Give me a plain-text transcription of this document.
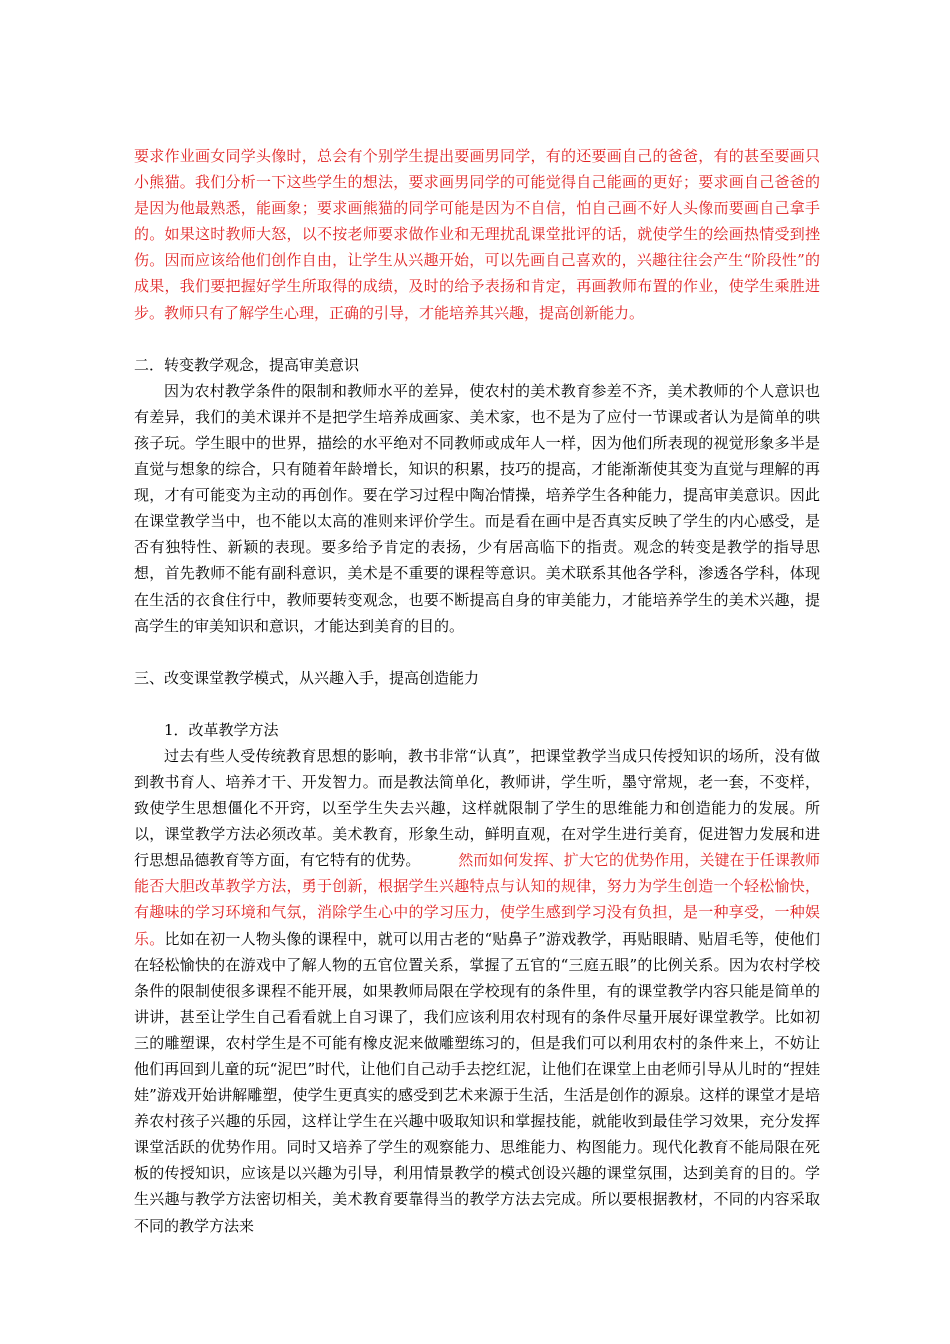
要求作业画女同学头像时，总会有个别学生提出要画男同学，有的还要画自己的爸爸，有的甚至要画只小熊猫。我们分析一下这些学生的想法，要求画男同学的可能觉得自己能画的更好；要求画自己爸爸的是因为他最熟悉，能画象；要求画熊猫的同学可能是因为不自信，怕自己画不好人头像而要画自己拿手的。如果这时教师大怒，以不按老师要求做作业和无理扰乱课堂批评的话，就使学生的绘画热情受到挫伤。因而应该给他们创作自由，让学生从兴趣开始，可以先画自己喜欢的，兴趣往往会产生“阶段性”的成果，我们要把握好学生所取得的成绩，及时的给予表扬和肯定，再画教师布置的作业，使学生乘胜进步。教师只有了解学生心理，正确的引导，才能培养其兴趣，提高创新能力。

二．转变教学观念，提高审美意识

因为农村教学条件的限制和教师水平的差异，使农村的美术教育参差不齐，美术教师的个人意识也有差异，我们的美术课并不是把学生培养成画家、美术家，也不是为了应付一节课或者认为是简单的哄孩子玩。学生眼中的世界，描绘的水平绝对不同教师或成年人一样，因为他们所表现的视觉形象多半是直觉与想象的综合，只有随着年龄增长，知识的积累，技巧的提高，才能渐渐使其变为直觉与理解的再现，才有可能变为主动的再创作。要在学习过程中陶冶情操，培养学生各种能力，提高审美意识。因此在课堂教学当中，也不能以太高的准则来评价学生。而是看在画中是否真实反映了学生的内心感受，是否有独特性、新颖的表现。要多给予肯定的表扬，少有居高临下的指责。观念的转变是教学的指导思想，首先教师不能有副科意识，美术是不重要的课程等意识。美术联系其他各学科，渗透各学科，体现在生活的衣食住行中，教师要转变观念，也要不断提高自身的审美能力，才能培养学生的美术兴趣，提高学生的审美知识和意识，才能达到美育的目的。

三、改变课堂教学模式，从兴趣入手，提高创造能力

1．改革教学方法

过去有些人受传统教育思想的影响，教书非常“认真”，把课堂教学当成只传授知识的场所，没有做到教书育人、培养才干、开发智力。而是教法简单化，教师讲，学生听，墨守常规，老一套，不变样，致使学生思想僵化不开窍，以至学生失去兴趣，这样就限制了学生的思维能力和创造能力的发展。所以，课堂教学方法必须改革。美术教育，形象生动，鲜明直观，在对学生进行美育，促进智力发展和进行思想品德教育等方面，有它特有的优势。　　　然而如何发挥、扩大它的优势作用，关键在于任课教师能否大胆改革教学方法，勇于创新，根据学生兴趣特点与认知的规律，努力为学生创造一个轻松愉快，有趣味的学习环境和气氛，消除学生心中的学习压力，使学生感到学习没有负担，是一种享受，一种娱乐。比如在初一人物头像的课程中，就可以用古老的“贴鼻子”游戏教学，再贴眼睛、贴眉毛等，使他们在轻松愉快的在游戏中了解人物的五官位置关系，掌握了五官的“三庭五眼”的比例关系。因为农村学校条件的限制使很多课程不能开展，如果教师局限在学校现有的条件里，有的课堂教学内容只能是简单的讲讲，甚至让学生自己看看就上自习课了，我们应该利用农村现有的条件尽量开展好课堂教学。比如初三的雕塑课，农村学生是不可能有橡皮泥来做雕塑练习的，但是我们可以利用农村的条件来上，不妨让他们再回到儿童的玩“泥巴”时代，让他们自己动手去挖红泥，让他们在课堂上由老师引导从儿时的“捏娃娃”游戏开始讲解雕塑，使学生更真实的感受到艺术来源于生活，生活是创作的源泉。这样的课堂才是培养农村孩子兴趣的乐园，这样让学生在兴趣中吸取知识和掌握技能，就能收到最佳学习效果，充分发挥课堂活跃的优势作用。同时又培养了学生的观察能力、思维能力、构图能力。现代化教育不能局限在死板的传授知识，应该是以兴趣为引导，利用情景教学的模式创设兴趣的课堂氛围，达到美育的目的。学生兴趣与教学方法密切相关，美术教育要靠得当的教学方法去完成。所以要根据教材，不同的内容采取不同的教学方法来
